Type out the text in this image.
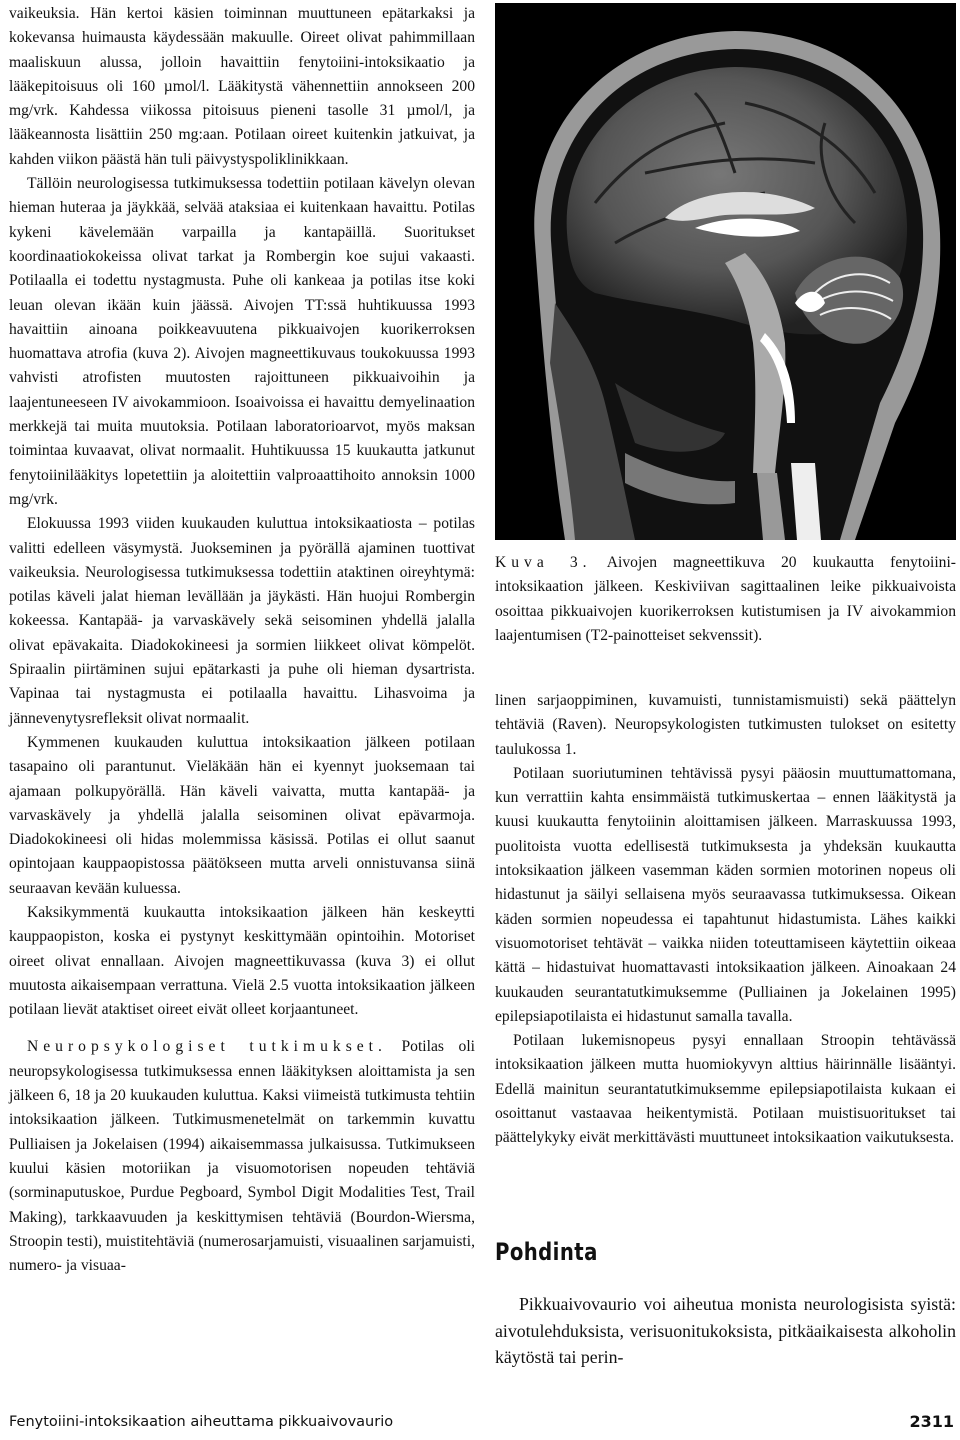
vaikeuksia. Hän kertoi käsien toiminnan muuttuneen epätarkaksi ja kokevansa huimausta käydessään makuulle. Oireet olivat pahimmillaan maaliskuun alussa, jolloin havaittiin fenytoiini-intoksikaatio ja lääkepitoisuus oli 160 µmol/l. Lääkitystä vähennettiin annokseen 200 mg/vrk. Kahdessa viikossa pitoisuus pieneni tasolle 31 µmol/l, ja lääkeannosta lisättiin 250 mg:aan. Potilaan oireet kuitenkin jatkuivat, ja kahden viikon päästä hän tuli päivystyspoliklinikkaan.

Tällöin neurologisessa tutkimuksessa todettiin potilaan kävelyn olevan hieman huteraa ja jäykkää, selvää ataksiaa ei kuitenkaan havaittu. Potilas kykeni kävelemään varpailla ja kantapäillä. Suoritukset koordinaatiokokeissa olivat tarkat ja Rombergin koe sujui vakaasti. Potilaalla ei todettu nystagmusta. Puhe oli kankeaa ja potilas itse koki leuan olevan ikään kuin jäässä. Aivojen TT:ssä huhtikuussa 1993 havaittiin ainoana poikkeavuutena pikkuaivojen kuorikerroksen huomattava atrofia (kuva 2). Aivojen magneettikuvaus toukokuussa 1993 vahvisti atrofisten muutosten rajoittuneen pikkuaivoihin ja laajentuneeseen IV aivokammioon. Isoaivoissa ei havaittu demyelinaation merkkejä tai muita muutoksia. Potilaan laboratorioarvot, myös maksan toimintaa kuvaavat, olivat normaalit. Huhtikuussa 15 kuukautta jatkunut fenytoiinilääkitys lopetettiin ja aloitettiin valproaattihoito annoksin 1000 mg/vrk.

Elokuussa 1993 viiden kuukauden kuluttua intoksikaatiosta – potilas valitti edelleen väsymystä. Juokseminen ja pyörällä ajaminen tuottivat vaikeuksia. Neurologisessa tutkimuksessa todettiin ataktinen oireyhtymä: potilas käveli jalat hieman levällään ja jäykästi. Hän huojui Rombergin kokeessa. Kantapää- ja varvaskävely sekä seisominen yhdellä jalalla olivat epävakaita. Diadokokineesi ja sormien liikkeet olivat kömpelöt. Spiraalin piirtäminen sujui epätarkasti ja puhe oli hieman dysartrista. Vapinaa tai nystagmusta ei potilaalla havaittu. Lihasvoima ja jännevenytysrefleksit olivat normaalit.

Kymmenen kuukauden kuluttua intoksikaation jälkeen potilaan tasapaino oli parantunut. Vieläkään hän ei kyennyt juoksemaan tai ajamaan polkupyörällä. Hän käveli vaivatta, mutta kantapää- ja varvaskävely ja yhdellä jalalla seisominen olivat epävarmoja. Diadokokineesi oli hidas molemmissa käsissä. Potilas ei ollut saanut opintojaan kauppaopistossa päätökseen mutta arveli onnistuvansa siinä seuraavan kevään kuluessa.

Kaksikymmentä kuukautta intoksikaation jälkeen hän keskeytti kauppaopiston, koska ei pystynyt keskittymään opintoihin. Motoriset oireet olivat ennallaan. Aivojen magneettikuvassa (kuva 3) ei ollut muutosta aikaisempaan verrattuna. Vielä 2.5 vuotta intoksikaation jälkeen potilaan lievät ataktiset oireet eivät olleet korjaantuneet.

Neuropsykologiset tutkimukset. Potilas oli neuropsykologisessa tutkimuksessa ennen lääkityksen aloittamista ja sen jälkeen 6, 18 ja 20 kuukauden kuluttua. Kaksi viimeistä tutkimusta tehtiin intoksikaation jälkeen. Tutkimusmenetelmät on tarkemmin kuvattu Pulliaisen ja Jokelaisen (1994) aikaisemmassa julkaisussa. Tutkimukseen kuului käsien motoriikan ja visuomotorisen nopeuden tehtäviä (sorminaputuskoe, Purdue Pegboard, Symbol Digit Modalities Test, Trail Making), tarkkaavuuden ja keskittymisen tehtäviä (Bourdon-Wiersma, Stroopin testi), muistitehtäviä (numerosarjamuisti, visuaalinen sarjamuisti, numero- ja visuaa-

Kuva 3. Aivojen magneettikuva 20 kuukautta fenytoiini-intoksikaation jälkeen. Keskiviivan sagittaalinen leike pikkuaivoista osoittaa pikkuaivojen kuorikerroksen kutistumisen ja IV aivokammion laajentumisen (T2-painotteiset sekvenssit).

linen sarjaoppiminen, kuvamuisti, tunnistamismuisti) sekä päättelyn tehtäviä (Raven). Neuropsykologisten tutkimusten tulokset on esitetty taulukossa 1.

Potilaan suoriutuminen tehtävissä pysyi pääosin muuttumattomana, kun verrattiin kahta ensimmäistä tutkimuskertaa – ennen lääkitystä ja kuusi kuukautta fenytoiinin aloittamisen jälkeen. Marraskuussa 1993, puolitoista vuotta edellisestä tutkimuksesta ja yhdeksän kuukautta intoksikaation jälkeen vasemman käden sormien motorinen nopeus oli hidastunut ja säilyi sellaisena myös seuraavassa tutkimuksessa. Oikean käden sormien nopeudessa ei tapahtunut hidastumista. Lähes kaikki visuomotoriset tehtävät – vaikka niiden toteuttamiseen käytettiin oikeaa kättä – hidastuivat huomattavasti intoksikaation jälkeen. Ainoakaan 24 kuukauden seurantatutkimuksemme (Pulliainen ja Jokelainen 1995) epilepsiapotilaista ei hidastunut samalla tavalla.

Potilaan lukemisnopeus pysyi ennallaan Stroopin tehtävässä intoksikaation jälkeen mutta huomiokyvyn alttius häirinnälle lisääntyi. Edellä mainitun seurantatutkimuksemme epilepsiapotilaista kukaan ei osoittanut vastaavaa heikentymistä. Potilaan muistisuoritukset tai päättelykyky eivät merkittävästi muuttuneet intoksikaation vaikutuksesta.

Pohdinta

Pikkuaivovaurio voi aiheutua monista neurologisista syistä: aivotulehduksista, verisuonitukoksista, pitkäaikaisesta alkoholin käytöstä tai perin-

Fenytoiini-intoksikaation aiheuttama pikkuaivovaurio	2311
